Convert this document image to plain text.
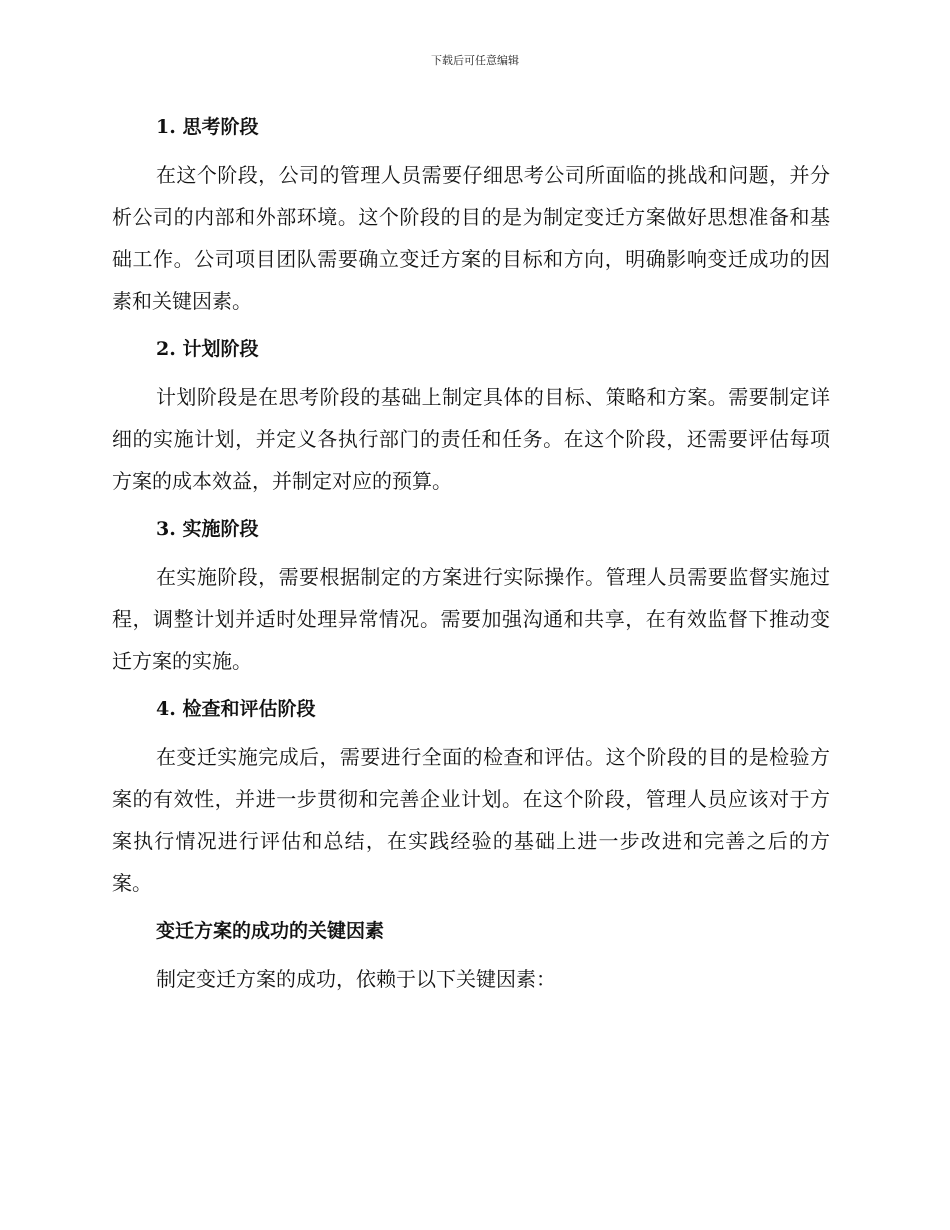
下载后可任意编辑
1. 思考阶段

在这个阶段，公司的管理人员需要仔细思考公司所面临的挑战和问题，并分析公司的内部和外部环境。这个阶段的目的是为制定变迁方案做好思想准备和基础工作。公司项目团队需要确立变迁方案的目标和方向，明确影响变迁成功的因素和关键因素。

2. 计划阶段

计划阶段是在思考阶段的基础上制定具体的目标、策略和方案。需要制定详细的实施计划，并定义各执行部门的责任和任务。在这个阶段，还需要评估每项方案的成本效益，并制定对应的预算。

3. 实施阶段

在实施阶段，需要根据制定的方案进行实际操作。管理人员需要监督实施过程，调整计划并适时处理异常情况。需要加强沟通和共享，在有效监督下推动变迁方案的实施。

4. 检查和评估阶段

在变迁实施完成后，需要进行全面的检查和评估。这个阶段的目的是检验方案的有效性，并进一步贯彻和完善企业计划。在这个阶段，管理人员应该对于方案执行情况进行评估和总结，在实践经验的基础上进一步改进和完善之后的方案。

变迁方案的成功的关键因素

制定变迁方案的成功，依赖于以下关键因素：
